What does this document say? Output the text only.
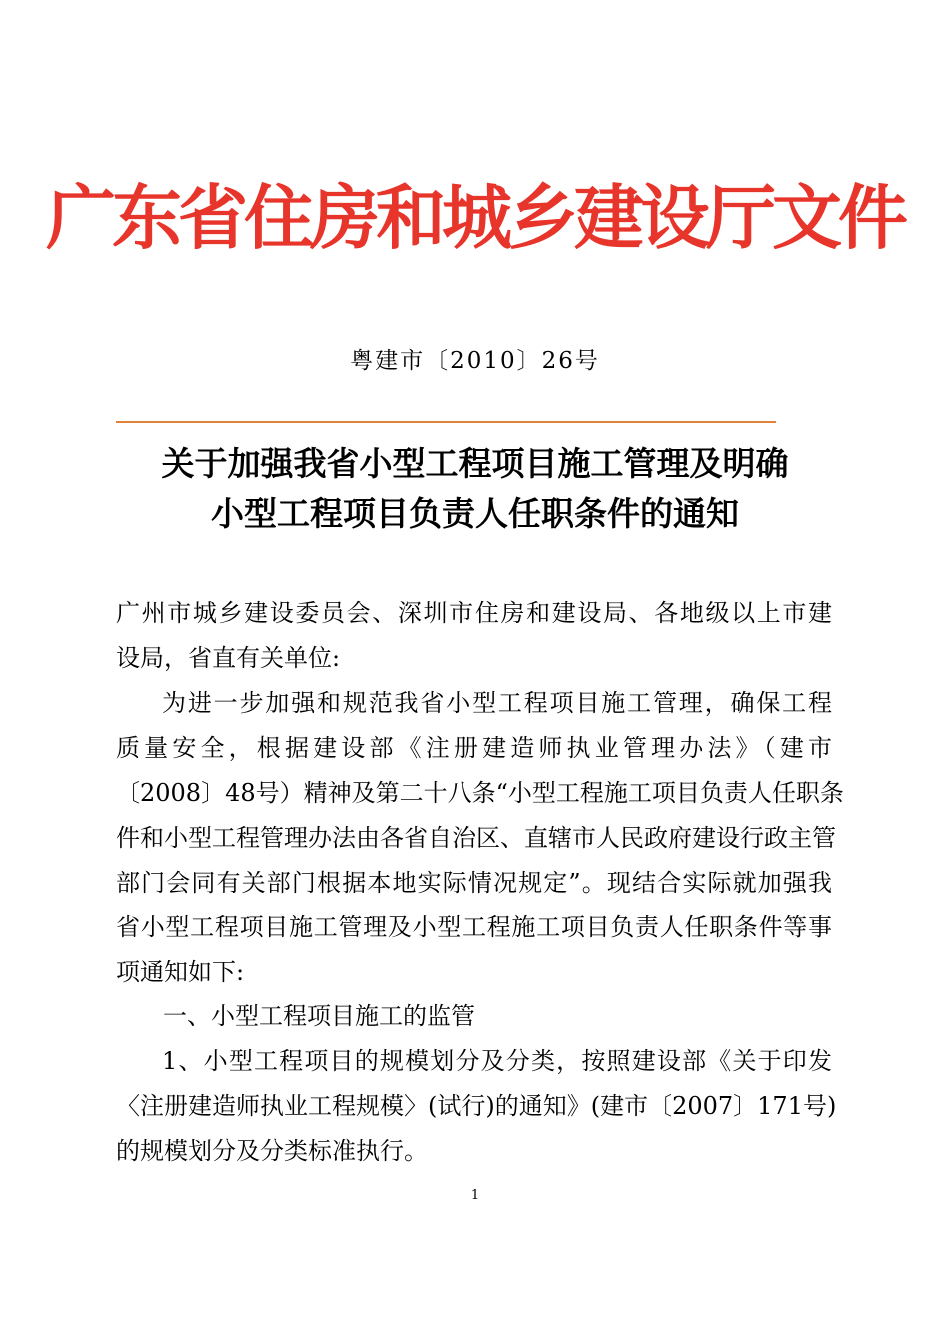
广东省住房和城乡建设厅文件
粤建市〔2010〕26号
关于加强我省小型工程项目施工管理及明确
小型工程项目负责人任职条件的通知
广州市城乡建设委员会、深圳市住房和建设局、各地级以上市建
设局，省直有关单位:
为进一步加强和规范我省小型工程项目施工管理，确保工程
质量安全，根据建设部《注册建造师执业管理办法》（建市
〔2008〕48号）精神及第二十八条“小型工程施工项目负责人任职条
件和小型工程管理办法由各省自治区、直辖市人民政府建设行政主管
部门会同有关部门根据本地实际情况规定”。现结合实际就加强我
省小型工程项目施工管理及小型工程施工项目负责人任职条件等事
项通知如下:
一、小型工程项目施工的监管
1、小型工程项目的规模划分及分类，按照建设部《关于印发
〈注册建造师执业工程规模〉(试行)的通知》(建市〔2007〕171号)
的规模划分及分类标准执行。
1
